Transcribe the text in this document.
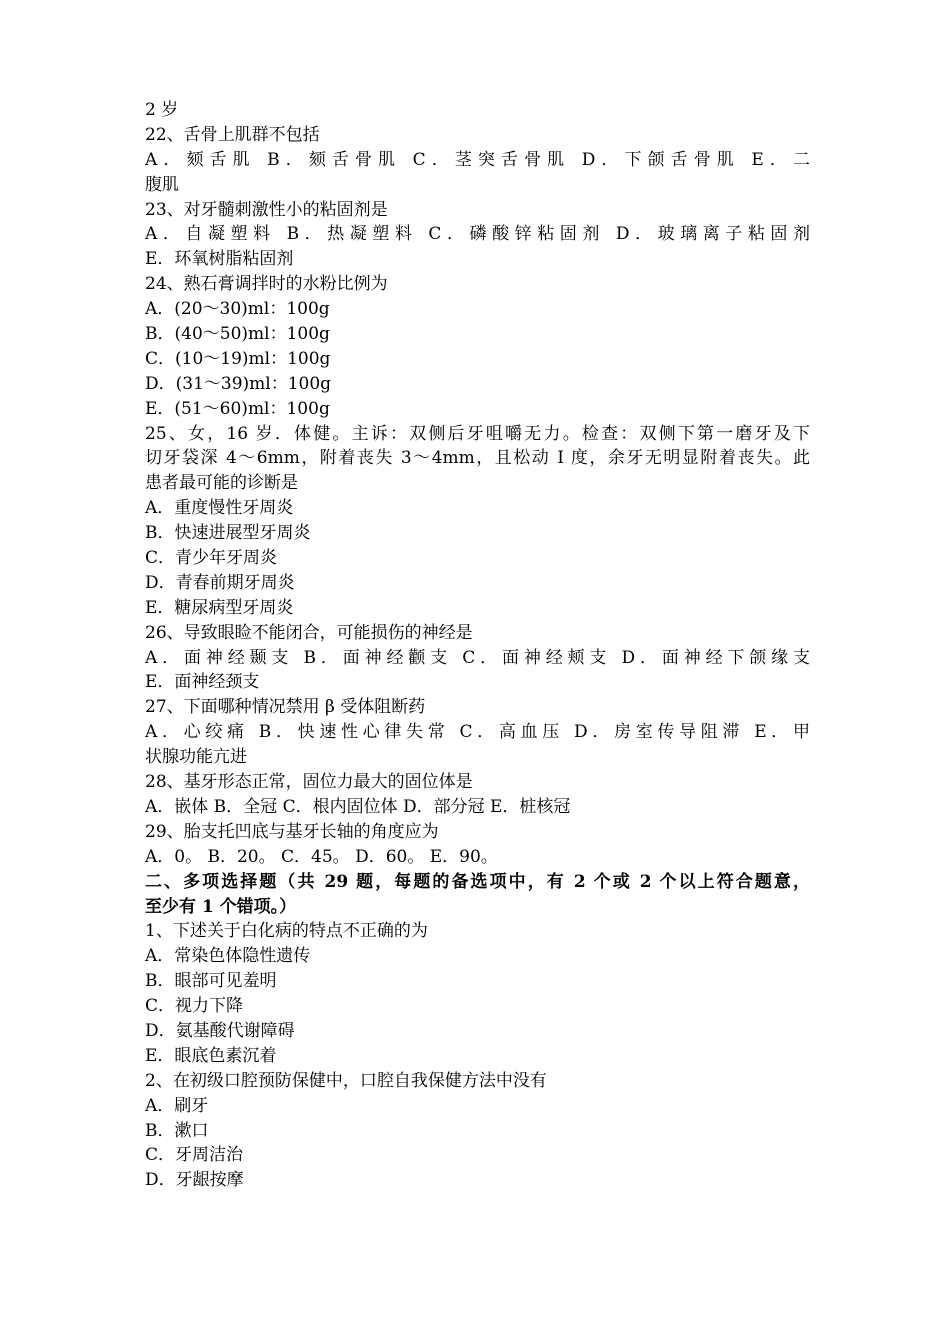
2 岁
22、舌骨上肌群不包括
A．颏舌肌 B．颏舌骨肌 C．茎突舌骨肌 D．下颌舌骨肌 E．二
腹肌
23、对牙髓刺激性小的粘固剂是
A．自凝塑料 B．热凝塑料 C．磷酸锌粘固剂 D．玻璃离子粘固剂
E．环氧树脂粘固剂
24、熟石膏调拌时的水粉比例为
A．(20～30)ml：100g
B．(40～50)ml：100g
C．(10～19)ml：100g
D．(31～39)ml：100g
E．(51～60)ml：100g
25、女，16 岁．体健。主诉：双侧后牙咀嚼无力。检查：双侧下第一磨牙及下
切牙袋深 4～6mm，附着丧失 3～4mm，且松动 I 度，余牙无明显附着丧失。此
患者最可能的诊断是
A．重度慢性牙周炎
B．快速进展型牙周炎
C．青少年牙周炎
D．青春前期牙周炎
E．糖尿病型牙周炎
26、导致眼睑不能闭合，可能损伤的神经是
A．面神经颞支 B．面神经颧支 C．面神经颊支 D．面神经下颌缘支
E．面神经颈支
27、下面哪种情况禁用 β 受体阻断药
A．心绞痛 B．快速性心律失常 C．高血压 D．房室传导阻滞 E．甲
状腺功能亢进
28、基牙形态正常，固位力最大的固位体是
A．嵌体 B．全冠 C．根内固位体 D．部分冠 E．桩核冠
29、胎支托凹底与基牙长轴的角度应为
A．0。 B．20。 C．45。 D．60。 E．90。
二、多项选择题（共 29 题，每题的备选项中，有 2 个或 2 个以上符合题意，
至少有 1 个错项。）
1、下述关于白化病的特点不正确的为
A．常染色体隐性遗传
B．眼部可见羞明
C．视力下降
D．氨基酸代谢障碍
E．眼底色素沉着
2、在初级口腔预防保健中，口腔自我保健方法中没有
A．刷牙
B．漱口
C．牙周洁治
D．牙龈按摩
